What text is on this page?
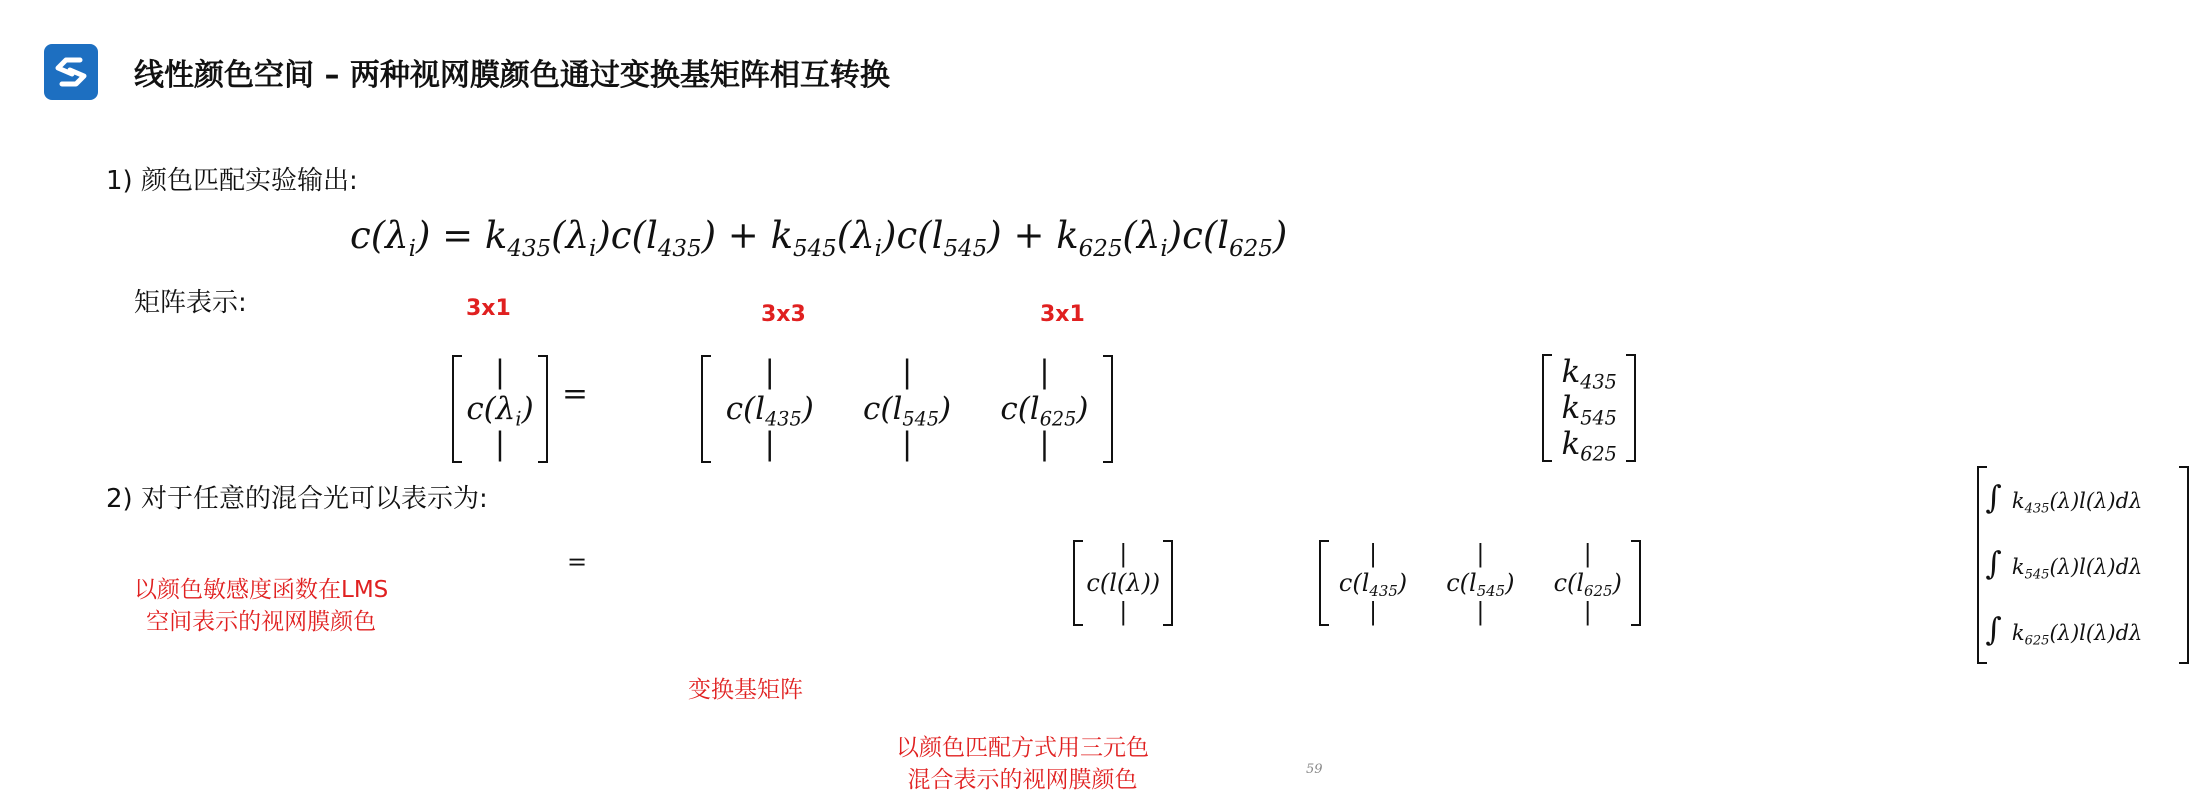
线性颜色空间 – 两种视网膜颜色通过变换基矩阵相互转换
1) 颜色匹配实验输出:
$c(\lambda_i) = k_{435}(\lambda_i)c(l_{435}) + k_{545}(\lambda_i)c(l_{545}) + k_{625}(\lambda_i)c(l_{625})$
矩阵表示:	3x1	3x3	3x1
|
$c(\lambda_i)$
|

=
|	|	|
$c(l_{435})$ $c(l_{545})$ $c(l_{625})$
|	|	|

$k_{435}$
$k_{545}$
$k_{625}$

2) 对于任意的混合光可以表示为:
|
c(l(λ))
|

=	|	|	|
$c(l_{435})$ $c(l_{545})$ $c(l_{625})$
|	|	|

∫ $k_{435}(\lambda)l(\lambda)d\lambda$
∫ $k_{545}(\lambda)l(\lambda)d\lambda$
∫ $k_{625}(\lambda)l(\lambda)d\lambda$
以颜色敏感度函数在LMS
空间表示的视网膜颜色
变换基矩阵
以颜色匹配方式用三元色
混合表示的视网膜颜色	59
